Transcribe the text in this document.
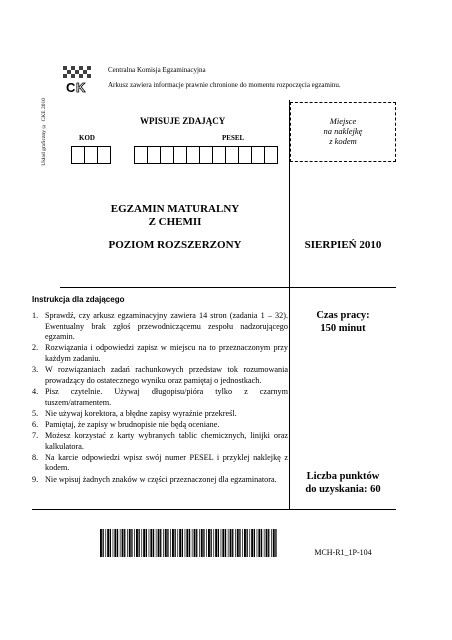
C K
Centralna Komisja Egzaminacyjna
Arkusz zawiera informacje prawnie chronione do momentu rozpoczęcia egzaminu.
Układ graficzny © CKE 2010	WPISUJE ZDAJĄCY
KOD	PESEL
Miejsce
na naklejkę
z kodem
EGZAMIN MATURALNY
Z CHEMII
POZIOM ROZSZERZONY	SIERPIEŃ 2010
Instrukcja dla zdającego
1. Sprawdź, czy arkusz egzaminacyjny zawiera 14 stron (zadania 1 – 32). Ewentualny brak zgłoś przewodniczącemu zespołu nadzorującego egzamin.
2. Rozwiązania i odpowiedzi zapisz w miejscu na to przeznaczonym przy każdym zadaniu.
3. W rozwiązaniach zadań rachunkowych przedstaw tok rozumowania prowadzący do ostatecznego wyniku oraz pamiętaj o jednostkach.
4. Pisz czytelnie. Używaj długopisu/pióra tylko z czarnym tuszem/atramentem.
5. Nie używaj korektora, a błędne zapisy wyraźnie przekreśl.
6. Pamiętaj, że zapisy w brudnopisie nie będą oceniane.
7. Możesz korzystać z karty wybranych tablic chemicznych, linijki oraz kalkulatora.
8. Na karcie odpowiedzi wpisz swój numer PESEL i przyklej naklejkę z kodem.
9. Nie wpisuj żadnych znaków w części przeznaczonej dla egzaminatora.
Czas pracy:
150 minut
Liczba punktów
do uzyskania: 60
MCH-R1_1P-104
